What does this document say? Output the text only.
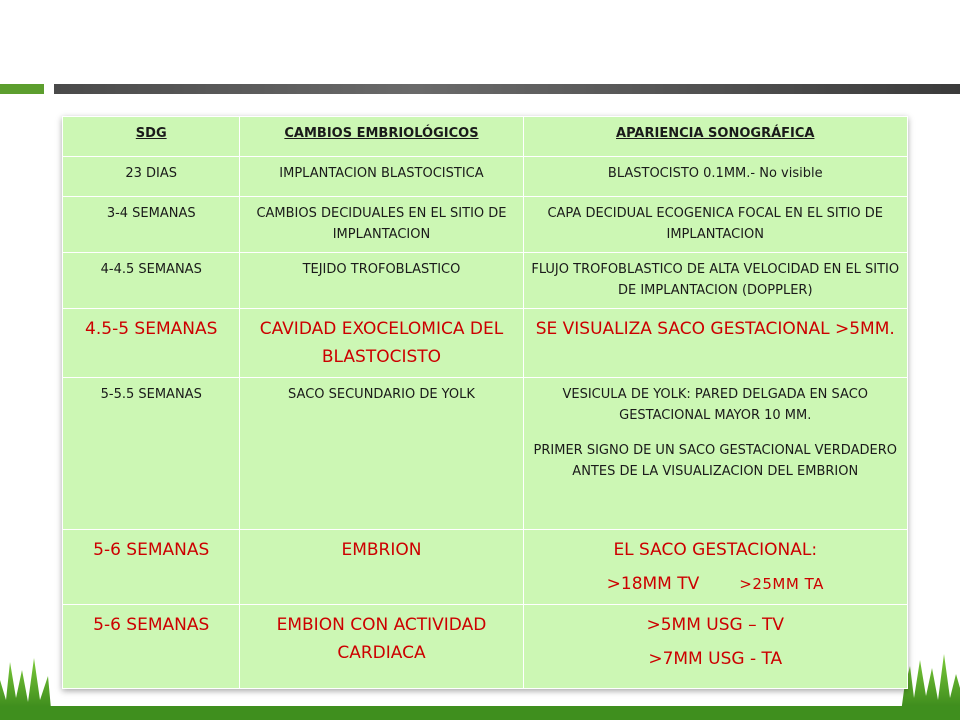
SDG	CAMBIOS EMBRIOLÓGICOS	APARIENCIA SONOGRÁFICA
23 DIAS	IMPLANTACION BLASTOCISTICA	BLASTOCISTO 0.1MM.- No visible
3-4 SEMANAS	CAMBIOS DECIDUALES EN EL SITIO DE IMPLANTACION	CAPA DECIDUAL ECOGENICA FOCAL EN EL SITIO DE IMPLANTACION
4-4.5 SEMANAS	TEJIDO TROFOBLASTICO	FLUJO TROFOBLASTICO DE ALTA VELOCIDAD EN EL SITIO DE IMPLANTACION (DOPPLER)
4.5-5 SEMANAS	CAVIDAD EXOCELOMICA DEL BLASTOCISTO	SE VISUALIZA SACO GESTACIONAL >5MM.
5-5.5 SEMANAS	SACO SECUNDARIO DE YOLK	VESICULA DE YOLK: PARED DELGADA EN SACO GESTACIONAL MAYOR 10 MM.

PRIMER SIGNO DE UN SACO GESTACIONAL VERDADERO ANTES DE LA VISUALIZACION DEL EMBRION

5-6 SEMANAS	EMBRION	EL SACO GESTACIONAL:
>18MM TV >25MM TA

5-6 SEMANAS	EMBION CON ACTIVIDAD CARDIACA	>5MM USG – TV
>7MM USG - TA
